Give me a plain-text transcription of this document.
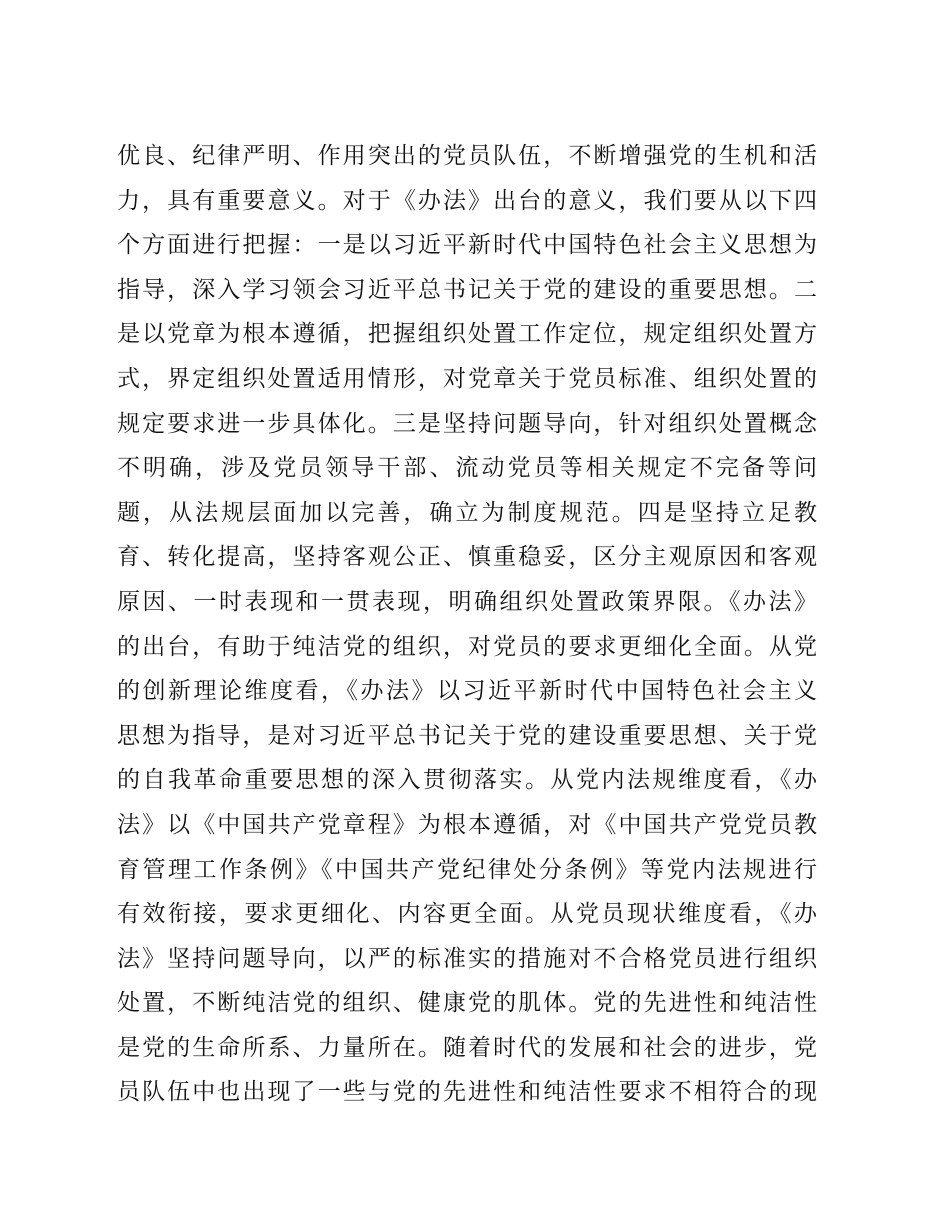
优良、纪律严明、作用突出的党员队伍，不断增强党的生机和活
力，具有重要意义。对于《办法》出台的意义，我们要从以下四
个方面进行把握：一是以习近平新时代中国特色社会主义思想为
指导，深入学习领会习近平总书记关于党的建设的重要思想。二
是以党章为根本遵循，把握组织处置工作定位，规定组织处置方
式，界定组织处置适用情形，对党章关于党员标准、组织处置的
规定要求进一步具体化。三是坚持问题导向，针对组织处置概念
不明确，涉及党员领导干部、流动党员等相关规定不完备等问
题，从法规层面加以完善，确立为制度规范。四是坚持立足教
育、转化提高，坚持客观公正、慎重稳妥，区分主观原因和客观
原因、一时表现和一贯表现，明确组织处置政策界限。《办法》
的出台，有助于纯洁党的组织，对党员的要求更细化全面。从党
的创新理论维度看，《办法》以习近平新时代中国特色社会主义
思想为指导，是对习近平总书记关于党的建设重要思想、关于党
的自我革命重要思想的深入贯彻落实。从党内法规维度看，《办
法》以《中国共产党章程》为根本遵循，对《中国共产党党员教
育管理工作条例》《中国共产党纪律处分条例》等党内法规进行
有效衔接，要求更细化、内容更全面。从党员现状维度看，《办
法》坚持问题导向，以严的标准实的措施对不合格党员进行组织
处置，不断纯洁党的组织、健康党的肌体。党的先进性和纯洁性
是党的生命所系、力量所在。随着时代的发展和社会的进步，党
员队伍中也出现了一些与党的先进性和纯洁性要求不相符合的现
